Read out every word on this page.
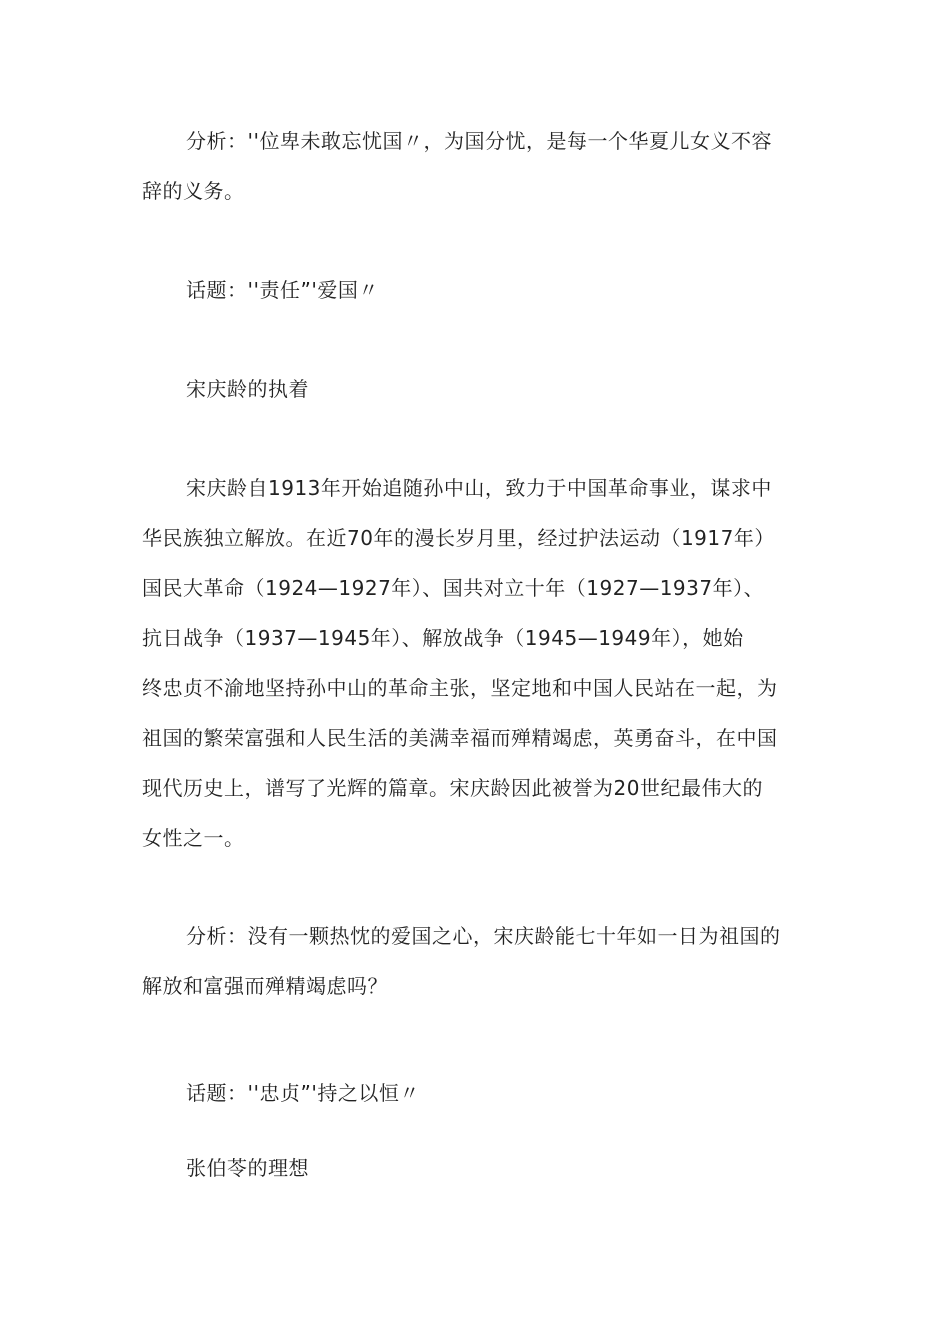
分析：''位卑未敢忘忧国〃，为国分忧，是每一个华夏儿女义不容
辞的义务。

话题：''责任”'爱国〃

宋庆龄的执着

宋庆龄自1913年开始追随孙中山，致力于中国革命事业，谋求中
华民族独立解放。在近70年的漫长岁月里，经过护法运动（1917年）
国民大革命（1924—1927年）、国共对立十年（1927—1937年）、
抗日战争（1937—1945年）、解放战争（1945—1949年），她始
终忠贞不渝地坚持孙中山的革命主张，坚定地和中国人民站在一起，为
祖国的繁荣富强和人民生活的美满幸福而殚精竭虑，英勇奋斗，在中国
现代历史上，谱写了光辉的篇章。宋庆龄因此被誉为20世纪最伟大的
女性之一。

分析：没有一颗热忱的爱国之心，宋庆龄能七十年如一日为祖国的
解放和富强而殚精竭虑吗？

话题：''忠贞”'持之以恒〃

张伯苓的理想
